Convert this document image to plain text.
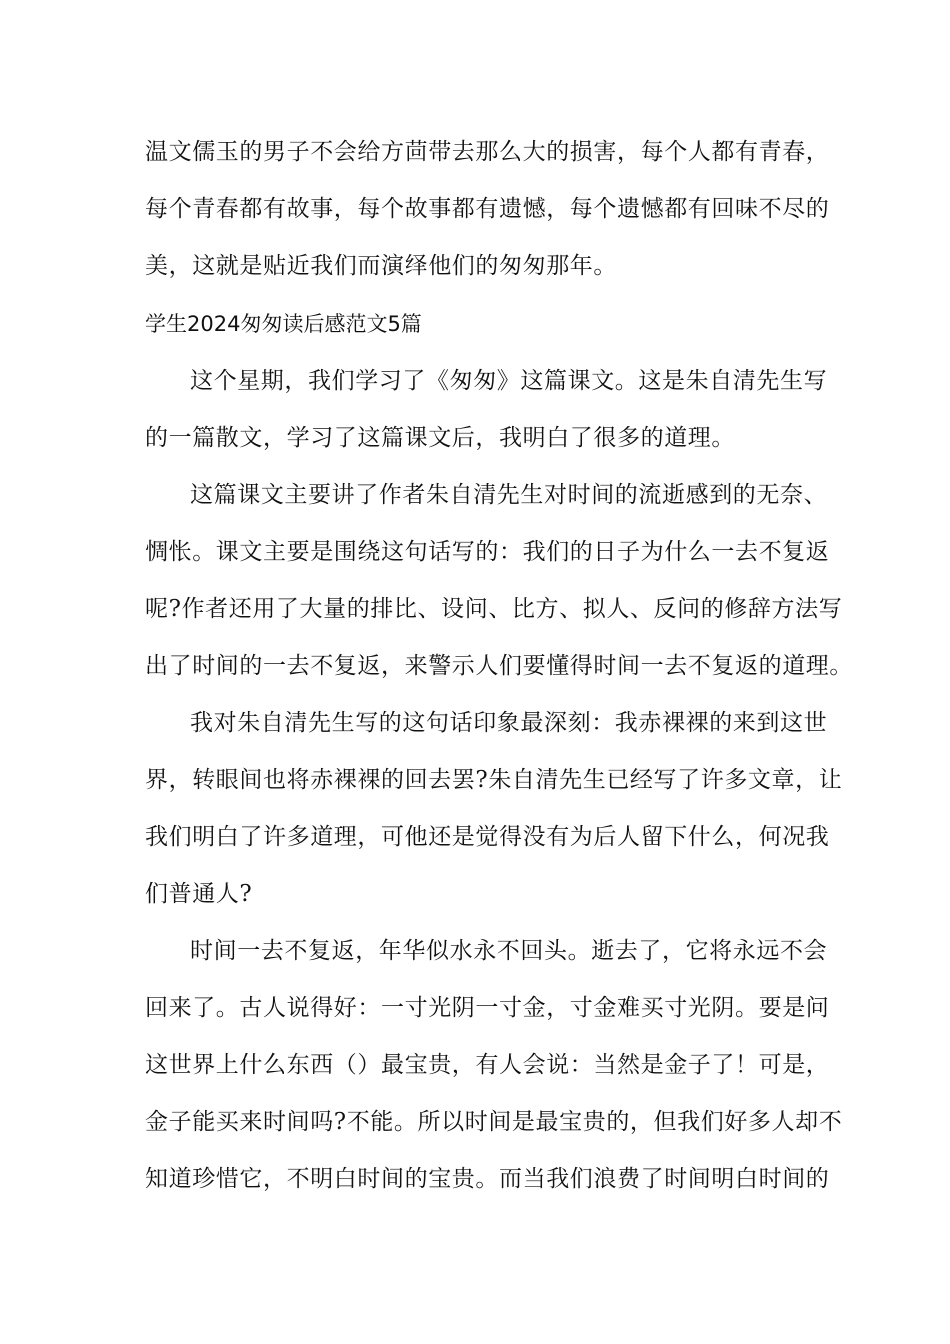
温文儒玉的男子不会给方茴带去那么大的损害，每个人都有青春，
每个青春都有故事，每个故事都有遗憾，每个遗憾都有回味不尽的
美，这就是贴近我们而演绎他们的匆匆那年。
学生2024匆匆读后感范文5篇
这个星期，我们学习了《匆匆》这篇课文。这是朱自清先生写
的一篇散文，学习了这篇课文后，我明白了很多的道理。
这篇课文主要讲了作者朱自清先生对时间的流逝感到的无奈、
惆怅。课文主要是围绕这句话写的：我们的日子为什么一去不复返
呢?作者还用了大量的排比、设问、比方、拟人、反问的修辞方法写
出了时间的一去不复返，来警示人们要懂得时间一去不复返的道理。
我对朱自清先生写的这句话印象最深刻：我赤裸裸的来到这世
界，转眼间也将赤裸裸的回去罢?朱自清先生已经写了许多文章，让
我们明白了许多道理，可他还是觉得没有为后人留下什么，何况我
们普通人?
时间一去不复返，年华似水永不回头。逝去了，它将永远不会
回来了。古人说得好：一寸光阴一寸金，寸金难买寸光阴。要是问
这世界上什么东西（）最宝贵，有人会说：当然是金子了！可是，
金子能买来时间吗?不能。所以时间是最宝贵的，但我们好多人却不
知道珍惜它，不明白时间的宝贵。而当我们浪费了时间明白时间的
